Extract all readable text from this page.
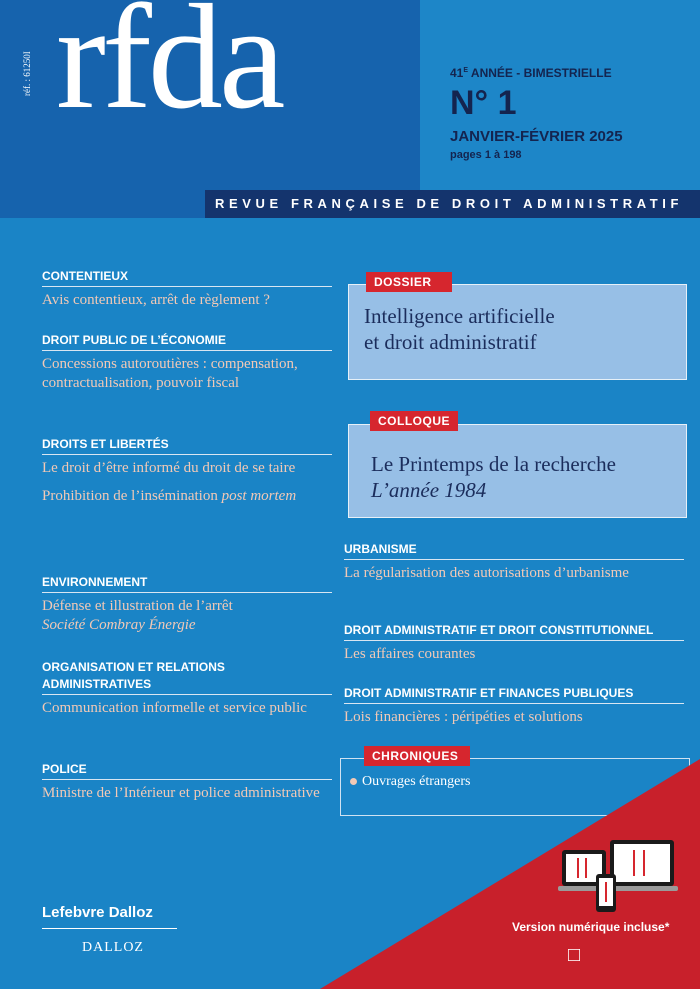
réf. : 61250I rfda	$41^E$ ANNÉE - BIMESTRIELLE
N° 1
JANVIER-FÉVRIER 2025
pages 1 à 198
REVUE FRANÇAISE DE DROIT ADMINISTRATIF
CONTENTIEUX
Avis contentieux, arrêt de règlement ?
DROIT PUBLIC DE L’ÉCONOMIE
Concessions autoroutières : compensation, contractualisation, pouvoir fiscal
DROITS ET LIBERTÉS
Le droit d’être informé du droit de se taire
Prohibition de l’insémination post mortem
ENVIRONNEMENT
Défense et illustration de l’arrêt
Société Combray Énergie
ORGANISATION ET RELATIONS ADMINISTRATIVES
Communication informelle et service public
POLICE
Ministre de l’Intérieur et police administrative
Intelligence artificielle
et droit administratif
DOSSIER
Le Printemps de la recherche
L’année 1984
COLLOQUE
URBANISME
La régularisation des autorisations d’urbanisme
DROIT ADMINISTRATIF ET DROIT CONSTITUTIONNEL
Les affaires courantes
DROIT ADMINISTRATIF ET FINANCES PUBLIQUES
Lois financières : péripéties et solutions
CHRONIQUES
Ouvrages étrangers
Version numérique incluse*
□
Lefebvre Dalloz
DALLOZ
